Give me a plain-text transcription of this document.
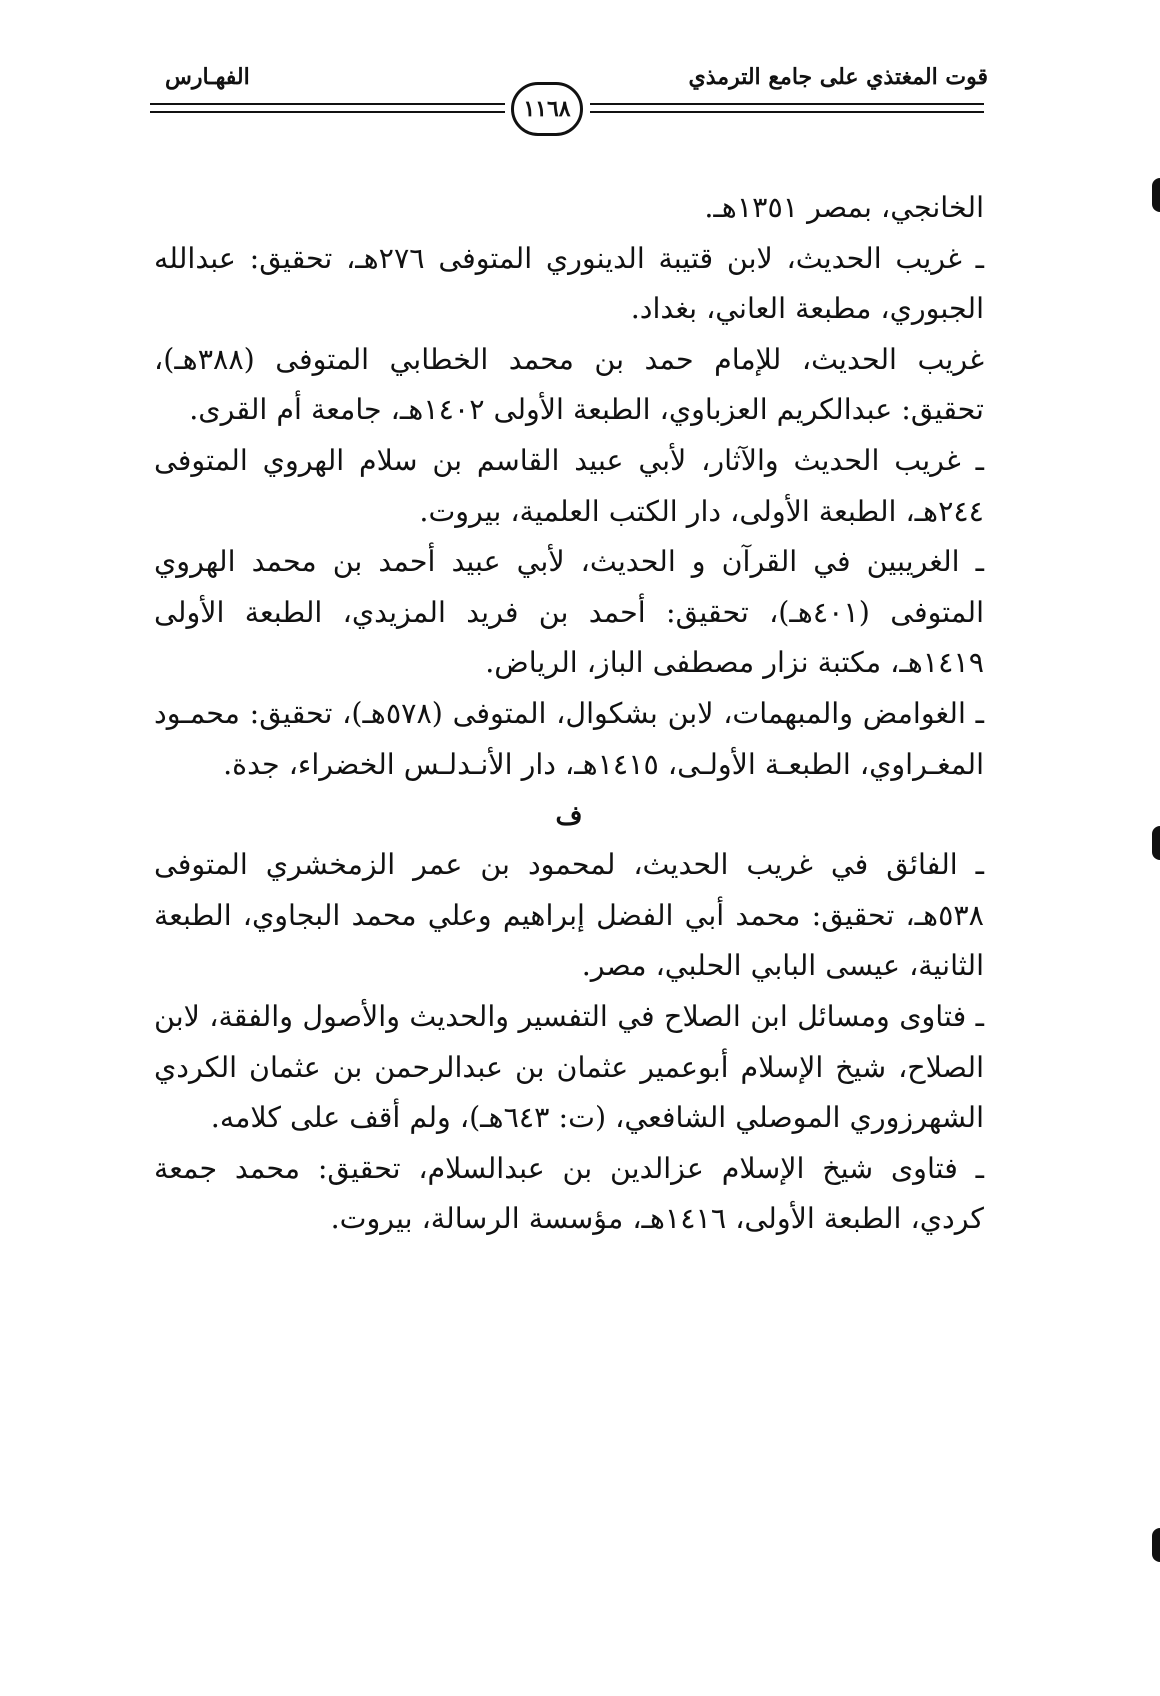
قوت المغتذي على جامع الترمذي
الفهـارس
١١٦٨

الخانجي، بمصر ١٣٥١هـ.

ـ غريب الحديث، لابن قتيبة الدينوري المتوفى ٢٧٦هـ، تحقيق: عبدالله الجبوري، مطبعة العاني، بغداد.

غريب الحديث، للإمام حمد بن محمد الخطابي المتوفى (٣٨٨هـ)، تحقيق: عبدالكريم العزباوي، الطبعة الأولى ١٤٠٢هـ، جامعة أم القرى.

ـ غريب الحديث والآثار، لأبي عبيد القاسم بن سلام الهروي المتوفى ٢٤٤هـ، الطبعة الأولى، دار الكتب العلمية، بيروت.

ـ الغريبين في القرآن و الحديث، لأبي عبيد أحمد بن محمد الهروي المتوفى (٤٠١هـ)، تحقيق: أحمد بن فريد المزيدي، الطبعة الأولى ١٤١٩هـ، مكتبة نزار مصطفى الباز، الرياض.

ـ الغوامض والمبهمات، لابن بشكوال، المتوفى (٥٧٨هـ)، تحقيق: محمـود المغـراوي، الطبعـة الأولـى، ١٤١٥هـ، دار الأنـدلـس الخضراء، جدة.

ف

ـ الفائق في غريب الحديث، لمحمود بن عمر الزمخشري المتوفى ٥٣٨هـ، تحقيق: محمد أبي الفضل إبراهيم وعلي محمد البجاوي، الطبعة الثانية، عيسى البابي الحلبي، مصر.

ـ فتاوى ومسائل ابن الصلاح في التفسير والحديث والأصول والفقة، لابن الصلاح، شيخ الإسلام أبوعمير عثمان بن عبدالرحمن بن عثمان الكردي الشهرزوري الموصلي الشافعي، (ت: ٦٤٣هـ)، ولم أقف على كلامه.

ـ فتاوى شيخ الإسلام عزالدين بن عبدالسلام، تحقيق: محمد جمعة كردي، الطبعة الأولى، ١٤١٦هـ، مؤسسة الرسالة، بيروت.
